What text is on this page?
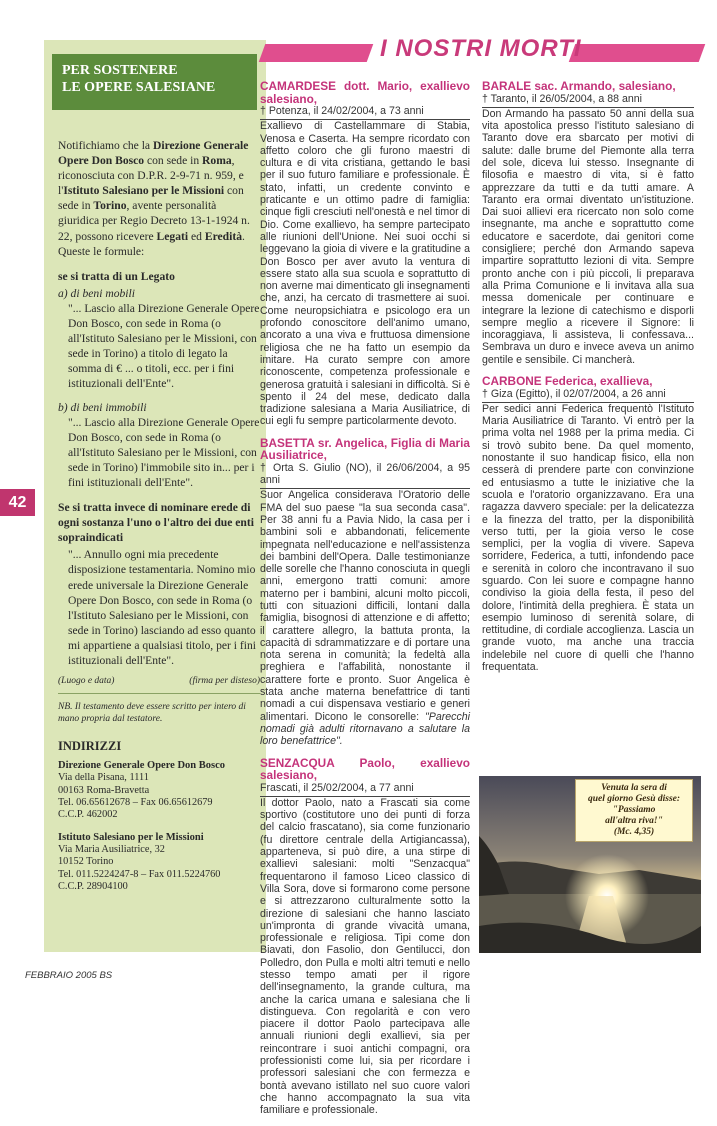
PER SOSTENERE
LE OPERE SALESIANE

Notifichiamo che la Direzione Generale Opere Don Bosco con sede in Roma, riconosciuta con D.P.R. 2-9-71 n. 959, e l'Istituto Salesiano per le Missioni con sede in Torino, avente personalità giuridica per Regio Decreto 13-1-1924 n. 22, possono ricevere Legati ed Eredità. Queste le formule:

se si tratta di un Legato

a) di beni mobili

"... Lascio alla Direzione Generale Opere Don Bosco, con sede in Roma (o all'Istituto Salesiano per le Missioni, con sede in Torino) a titolo di legato la somma di € ... o titoli, ecc. per i fini istituzionali dell'Ente".

b) di beni immobili

"... Lascio alla Direzione Generale Opere Don Bosco, con sede in Roma (o all'Istituto Salesiano per le Missioni, con sede in Torino) l'immobile sito in... per i fini istituzionali dell'Ente".

Se si tratta invece di nominare erede di ogni sostanza l'uno o l'altro dei due enti sopraindicati

"... Annullo ogni mia precedente disposizione testamentaria. Nomino mio erede universale la Direzione Generale Opere Don Bosco, con sede in Roma (o l'Istituto Salesiano per le Missioni, con sede in Torino) lasciando ad esso quanto mi appartiene a qualsiasi titolo, per i fini istituzionali dell'Ente".

(Luogo e data)	(firma per disteso)

NB. Il testamento deve essere scritto per intero di mano propria dal testatore.

INDIRIZZI

Direzione Generale Opere Don Bosco
Via della Pisana, 1111
00163 Roma-Bravetta
Tel. 06.65612678 – Fax 06.65612679
C.C.P. 462002

Istituto Salesiano per le Missioni
Via Maria Ausiliatrice, 32
10152 Torino
Tel. 011.5224247-8 – Fax 011.5224760
C.C.P. 28904100

42
FEBBRAIO 2005 BS
I NOSTRI MORTI

CAMARDESE dott. Mario, exallievo salesiano,

† Potenza, il 24/02/2004, a 73 anni

Exallievo di Castellammare di Stabia, Venosa e Caserta. Ha sempre ricordato con affetto coloro che gli furono maestri di cultura e di vita cristiana, gettando le basi per il suo futuro familiare e professionale. È stato, infatti, un credente convinto e praticante e un ottimo padre di famiglia: cinque figli cresciuti nell'onestà e nel timor di Dio. Come exallievo, ha sempre partecipato alle riunioni dell'Unione. Nei suoi occhi si leggevano la gioia di vivere e la gratitudine a Don Bosco per aver avuto la ventura di essere stato alla sua scuola e soprattutto di non averne mai dimenticato gli insegnamenti che, anzi, ha cercato di trasmettere ai suoi. Come neuropsichiatra e psicologo era un profondo conoscitore dell'animo umano, ancorato a una viva e fruttuosa dimensione religiosa che ne ha fatto un esempio da imitare. Ha curato sempre con amore riconoscente, competenza professionale e generosa gratuità i salesiani in difficoltà. Si è spento il 24 del mese, dedicato dalla tradizione salesiana a Maria Ausiliatrice, di cui egli fu sempre particolarmente devoto.

BASETTA sr. Angelica, Figlia di Maria Ausiliatrice,

† Orta S. Giulio (NO), il 26/06/2004, a 95 anni

Suor Angelica considerava l'Oratorio delle FMA del suo paese "la sua seconda casa". Per 38 anni fu a Pavia Nido, la casa per i bambini soli e abbandonati, felicemente impegnata nell'educazione e nell'assistenza dei bambini dell'Opera. Dalle testimonianze delle sorelle che l'hanno conosciuta in quegli anni, emergono tratti comuni: amore materno per i bambini, alcuni molto piccoli, tutti con situazioni difficili, lontani dalla famiglia, bisognosi di attenzione e di affetto; il carattere allegro, la battuta pronta, la capacità di sdrammatizzare e di portare una nota serena in comunità; la fedeltà alla preghiera e l'affabilità, nonostante il carattere forte e pronto. Suor Angelica è stata anche materna benefattrice di tanti nomadi a cui dispensava vestiario e generi alimentari. Dicono le consorelle: "Parecchi nomadi già adulti ritornavano a salutare la loro benefattrice".

SENZACQUA Paolo, exallievo salesiano,

Frascati, il 25/02/2004, a 77 anni

Il dottor Paolo, nato a Frascati sia come sportivo (costitutore uno dei punti di forza del calcio frascatano), sia come funzionario (fu direttore centrale della Artigiancassa), apparteneva, si può dire, a una stirpe di exallievi salesiani: molti "Senzacqua" frequentarono il famoso Liceo classico di Villa Sora, dove si formarono come persone e si attrezzarono culturalmente sotto la direzione di salesiani che hanno lasciato un'impronta di grande vivacità umana, professionale e religiosa. Tipi come don Biavati, don Fasolio, don Gentilucci, don Polledro, don Pulla e molti altri temuti e nello stesso tempo amati per il rigore dell'insegnamento, la grande cultura, ma anche la carica umana e salesiana che li distingueva. Con regolarità e con vero piacere il dottor Paolo partecipava alle annuali riunioni degli exallievi, sia per reincontrare i suoi antichi compagni, ora professionisti come lui, sia per ricordare i professori salesiani che con fermezza e bontà avevano istillato nel suo cuore valori che hanno accompagnato la sua vita familiare e professionale.

BARALE sac. Armando, salesiano,

† Taranto, il 26/05/2004, a 88 anni

Don Armando ha passato 50 anni della sua vita apostolica presso l'istituto salesiano di Taranto dove era sbarcato per motivi di salute: dalle brume del Piemonte alla terra del sole, diceva lui stesso. Insegnante di filosofia e maestro di vita, si è fatto apprezzare da tutti e da tutti amare. A Taranto era ormai diventato un'istituzione. Dai suoi allievi era ricercato non solo come insegnante, ma anche e soprattutto come educatore e sacerdote, dai genitori come consigliere; perché don Armando sapeva impartire soprattutto lezioni di vita. Sempre pronto anche con i più piccoli, li preparava alla Prima Comunione e li invitava alla sua messa domenicale per continuare e integrare la lezione di catechismo e disporli sempre meglio a ricevere il Signore: li incoraggiava, li assisteva, li confessava... Sembrava un duro e invece aveva un animo gentile e sensibile. Ci mancherà.

CARBONE Federica, exallieva,

† Giza (Egitto), il 02/07/2004, a 26 anni

Per sedici anni Federica frequentò l'Istituto Maria Ausiliatrice di Taranto. Vi entrò per la prima volta nel 1988 per la prima media. Ci si trovò subito bene. Da quel momento, nonostante il suo handicap fisico, ella non cesserà di prendere parte con convinzione ed entusiasmo a tutte le iniziative che la scuola e l'oratorio organizzavano. Era una ragazza davvero speciale: per la delicatezza e la finezza del tratto, per la disponibilità verso tutti, per la gioia verso le cose semplici, per la voglia di vivere. Sapeva sorridere, Federica, a tutti, infondendo pace e serenità in coloro che incontravano il suo sguardo. Con lei suore e compagne hanno condiviso la gioia della festa, il peso del dolore, l'intimità della preghiera. È stata un esempio luminoso di serenità solare, di rettitudine, di cordiale accoglienza. Lascia un grande vuoto, ma anche una traccia indelebile nel cuore di quelli che l'hanno frequentata.

Venuta la sera di
quel giorno Gesù disse:
"Passiamo
all'altra riva!"
(Mc. 4,35)
